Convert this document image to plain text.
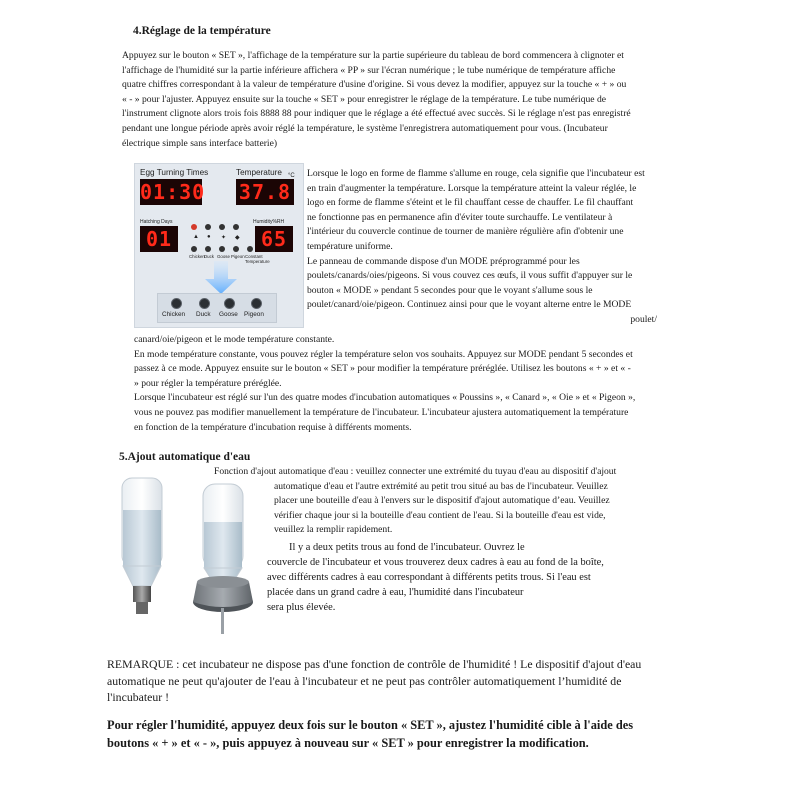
4.Réglage de la température
Appuyez sur le bouton « SET », l'affichage de la température sur la partie supérieure du tableau de bord commencera à clignoter et
l'affichage de l'humidité sur la partie inférieure affichera « PP » sur l'écran numérique ; le tube numérique de température affiche
quatre chiffres correspondant à la valeur de température d'usine d'origine. Si vous devez la modifier, appuyez sur la touche « + » ou
« - » pour l'ajuster. Appuyez ensuite sur la touche « SET » pour enregistrer le réglage de la température. Le tube numérique de
l'instrument clignote alors trois fois 8888 88 pour indiquer que le réglage a été effectué avec succès. Si le réglage n'est pas enregistré
pendant une longue période après avoir réglé la température, le système l'enregistrera automatiquement pour vous. (Incubateur
électrique simple sans interface batterie)
Egg Turning Times	Temperature °C
01:30 37.8
Hatching Days	Humidity%RH
01	65
▲ ● ✦ ◆
Chicken Duck Goose Pigeon Constant Temperature
Chicken Duck Goose Pigeon
Lorsque le logo en forme de flamme s'allume en rouge, cela signifie que l'incubateur est
en train d'augmenter la température. Lorsque la température atteint la valeur réglée, le
logo en forme de flamme s'éteint et le fil chauffant cesse de chauffer. Le fil chauffant
ne fonctionne pas en permanence afin d'éviter toute surchauffe. Le ventilateur à
l'intérieur du couvercle continue de tourner de manière régulière afin d'obtenir une
température uniforme.
Le panneau de commande dispose d'un MODE préprogrammé pour les
poulets/canards/oies/pigeons. Si vous couvez ces œufs, il vous suffit d'appuyer sur le
bouton « MODE » pendant 5 secondes pour que le voyant s'allume sous le
poulet/canard/oie/pigeon. Continuez ainsi pour que le voyant alterne entre le MODE
poulet/
canard/oie/pigeon et le mode température constante.
En mode température constante, vous pouvez régler la température selon vos souhaits. Appuyez sur MODE pendant 5 secondes et
passez à ce mode. Appuyez ensuite sur le bouton « SET » pour modifier la température préréglée. Utilisez les boutons « + » et « -
» pour régler la température préréglée.
Lorsque l'incubateur est réglé sur l'un des quatre modes d'incubation automatiques « Poussins », « Canard », « Oie » et « Pigeon »,
vous ne pouvez pas modifier manuellement la température de l'incubateur. L'incubateur ajustera automatiquement la température
en fonction de la température d'incubation requise à différents moments.
5.Ajout automatique d'eau
Fonction d'ajout automatique d'eau : veuillez connecter une extrémité du tuyau d'eau au dispositif d'ajout
automatique d'eau et l'autre extrémité au petit trou situé au bas de l'incubateur. Veuillez
placer une bouteille d'eau à l'envers sur le dispositif d'ajout automatique d’eau. Veuillez
vérifier chaque jour si la bouteille d'eau contient de l'eau. Si la bouteille d'eau est vide,
veuillez la remplir rapidement.
Il y a deux petits trous au fond de l'incubateur. Ouvrez le
couvercle de l'incubateur et vous trouverez deux cadres à eau au fond de la boîte,
avec différents cadres à eau correspondant à différents petits trous. Si l'eau est
placée dans un grand cadre à eau, l'humidité dans l'incubateur
sera plus élevée.
REMARQUE : cet incubateur ne dispose pas d'une fonction de contrôle de l'humidité ! Le dispositif d'ajout d'eau
automatique ne peut qu'ajouter de l'eau à l'incubateur et ne peut pas contrôler automatiquement l’humidité de
l'incubateur !
Pour régler l'humidité, appuyez deux fois sur le bouton « SET », ajustez l'humidité cible à l'aide des
boutons « + » et « - », puis appuyez à nouveau sur « SET » pour enregistrer la modification.
